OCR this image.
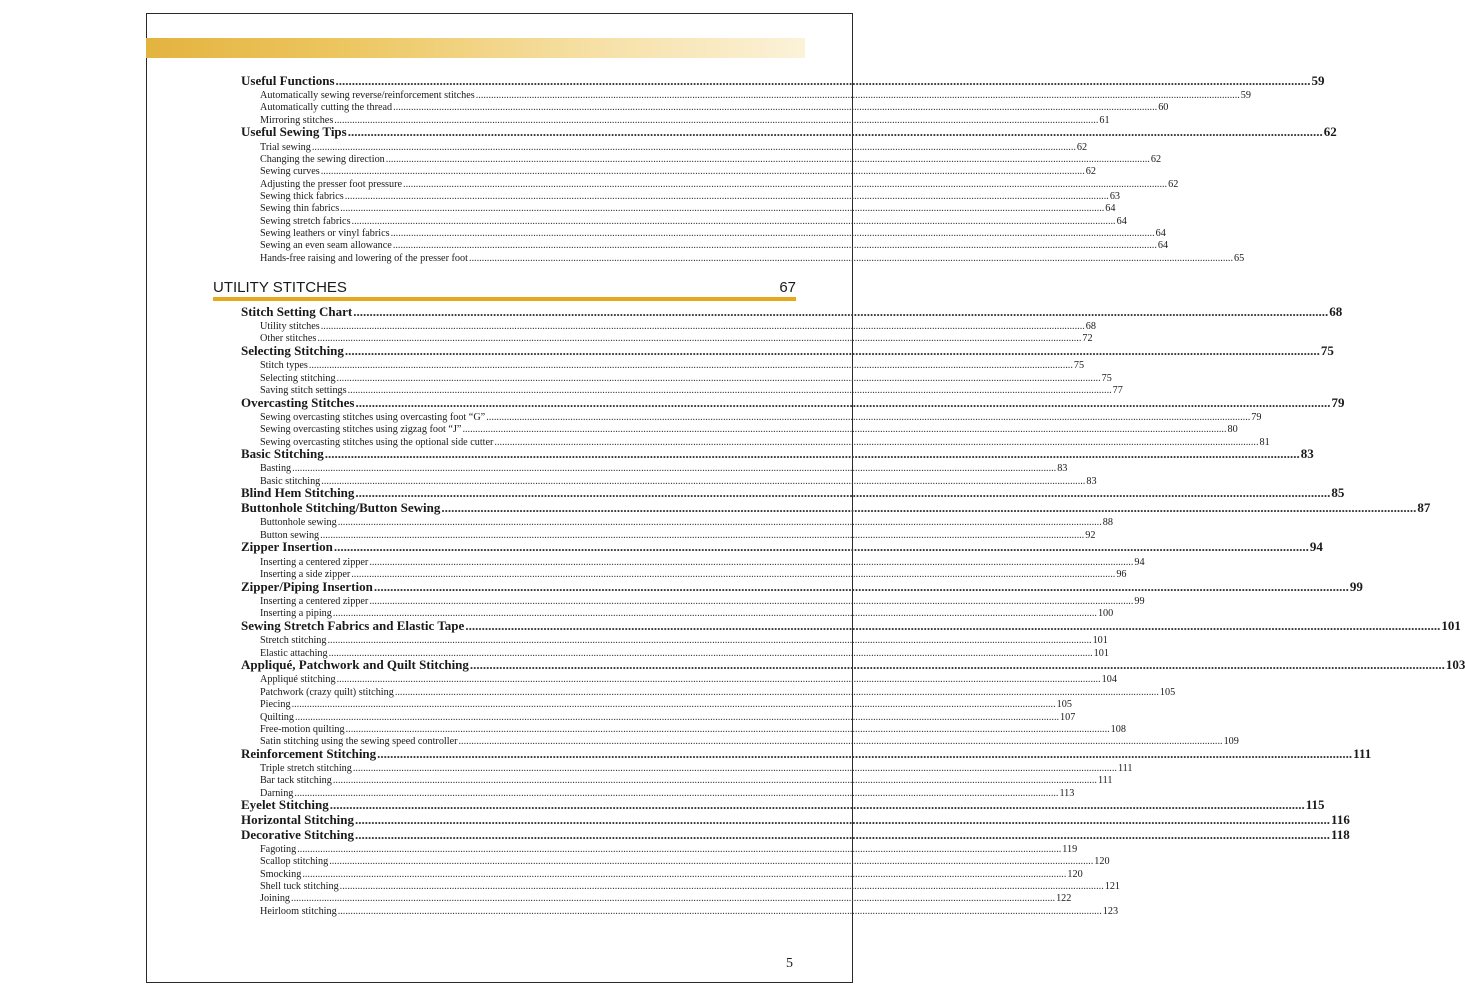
Useful Functions ............................................................................................................................................................................................................................................................................................................ 59
Automatically sewing reverse/reinforcement stitches ............................................................................................................................................................................................................................................................................................................ 59
Automatically cutting the thread ............................................................................................................................................................................................................................................................................................................ 60
Mirroring stitches ............................................................................................................................................................................................................................................................................................................ 61
Useful Sewing Tips ............................................................................................................................................................................................................................................................................................................ 62
Trial sewing ............................................................................................................................................................................................................................................................................................................ 62
Changing the sewing direction ............................................................................................................................................................................................................................................................................................................ 62
Sewing curves ............................................................................................................................................................................................................................................................................................................ 62
Adjusting the presser foot pressure ............................................................................................................................................................................................................................................................................................................ 62
Sewing thick fabrics ............................................................................................................................................................................................................................................................................................................ 63
Sewing thin fabrics ............................................................................................................................................................................................................................................................................................................ 64
Sewing stretch fabrics ............................................................................................................................................................................................................................................................................................................ 64
Sewing leathers or vinyl fabrics ............................................................................................................................................................................................................................................................................................................ 64
Sewing an even seam allowance ............................................................................................................................................................................................................................................................................................................ 64
Hands-free raising and lowering of the presser foot ............................................................................................................................................................................................................................................................................................................ 65
UTILITY STITCHES	67
Stitch Setting Chart ............................................................................................................................................................................................................................................................................................................ 68
Utility stitches ............................................................................................................................................................................................................................................................................................................ 68
Other stitches ............................................................................................................................................................................................................................................................................................................ 72
Selecting Stitching ............................................................................................................................................................................................................................................................................................................ 75
Stitch types ............................................................................................................................................................................................................................................................................................................ 75
Selecting stitching ............................................................................................................................................................................................................................................................................................................ 75
Saving stitch settings ............................................................................................................................................................................................................................................................................................................ 77
Overcasting Stitches ............................................................................................................................................................................................................................................................................................................ 79
Sewing overcasting stitches using overcasting foot “G” ............................................................................................................................................................................................................................................................................................................ 79
Sewing overcasting stitches using zigzag foot “J” ............................................................................................................................................................................................................................................................................................................ 80
Sewing overcasting stitches using the optional side cutter ............................................................................................................................................................................................................................................................................................................ 81
Basic Stitching ............................................................................................................................................................................................................................................................................................................ 83
Basting ............................................................................................................................................................................................................................................................................................................ 83
Basic stitching ............................................................................................................................................................................................................................................................................................................ 83
Blind Hem Stitching ............................................................................................................................................................................................................................................................................................................ 85
Buttonhole Stitching/Button Sewing ............................................................................................................................................................................................................................................................................................................ 87
Buttonhole sewing ............................................................................................................................................................................................................................................................................................................ 88
Button sewing ............................................................................................................................................................................................................................................................................................................ 92
Zipper Insertion ............................................................................................................................................................................................................................................................................................................ 94
Inserting a centered zipper ............................................................................................................................................................................................................................................................................................................ 94
Inserting a side zipper ............................................................................................................................................................................................................................................................................................................ 96
Zipper/Piping Insertion ............................................................................................................................................................................................................................................................................................................ 99
Inserting a centered zipper ............................................................................................................................................................................................................................................................................................................ 99
Inserting a piping ............................................................................................................................................................................................................................................................................................................ 100
Sewing Stretch Fabrics and Elastic Tape ............................................................................................................................................................................................................................................................................................................ 101
Stretch stitching ............................................................................................................................................................................................................................................................................................................ 101
Elastic attaching ............................................................................................................................................................................................................................................................................................................ 101
Appliqué, Patchwork and Quilt Stitching ............................................................................................................................................................................................................................................................................................................ 103
Appliqué stitching ............................................................................................................................................................................................................................................................................................................ 104
Patchwork (crazy quilt) stitching ............................................................................................................................................................................................................................................................................................................ 105
Piecing ............................................................................................................................................................................................................................................................................................................ 105
Quilting ............................................................................................................................................................................................................................................................................................................ 107
Free-motion quilting ............................................................................................................................................................................................................................................................................................................ 108
Satin stitching using the sewing speed controller ............................................................................................................................................................................................................................................................................................................ 109
Reinforcement Stitching ............................................................................................................................................................................................................................................................................................................ 111
Triple stretch stitching ............................................................................................................................................................................................................................................................................................................ 111
Bar tack stitching ............................................................................................................................................................................................................................................................................................................ 111
Darning ............................................................................................................................................................................................................................................................................................................ 113
Eyelet Stitching ............................................................................................................................................................................................................................................................................................................ 115
Horizontal Stitching ............................................................................................................................................................................................................................................................................................................ 116
Decorative Stitching ............................................................................................................................................................................................................................................................................................................ 118
Fagoting ............................................................................................................................................................................................................................................................................................................ 119
Scallop stitching ............................................................................................................................................................................................................................................................................................................ 120
Smocking ............................................................................................................................................................................................................................................................................................................ 120
Shell tuck stitching ............................................................................................................................................................................................................................................................................................................ 121
Joining ............................................................................................................................................................................................................................................................................................................ 122
Heirloom stitching ............................................................................................................................................................................................................................................................................................................ 123
5
